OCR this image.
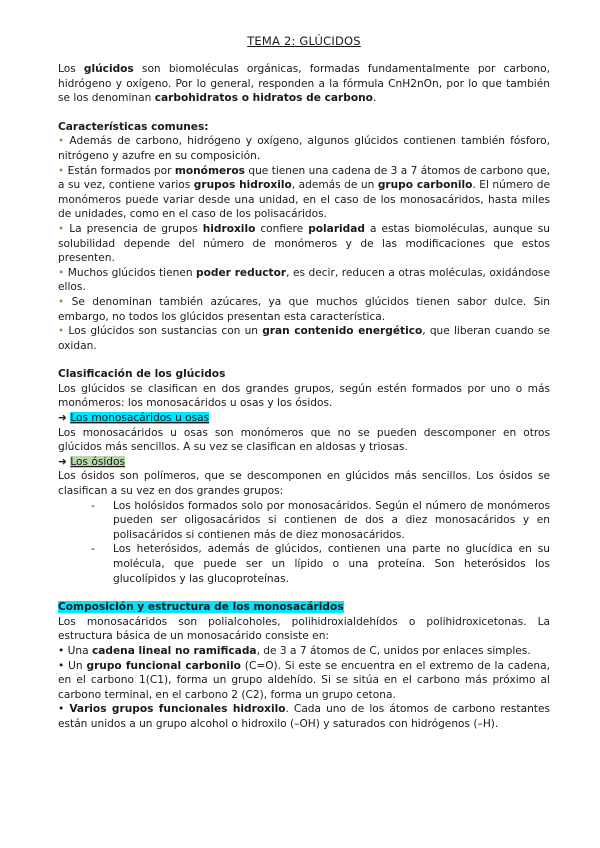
TEMA 2: GLÚCIDOS

Los glúcidos son biomoléculas orgánicas, formadas fundamentalmente por carbono, hidrógeno y oxígeno. Por lo general, responden a la fórmula CnH2nOn, por lo que también se los denominan carbohidratos o hidratos de carbono.

Características comunes:

• Además de carbono, hidrógeno y oxígeno, algunos glúcidos contienen también fósforo, nitrógeno y azufre en su composición.

• Están formados por monómeros que tienen una cadena de 3 a 7 átomos de carbono que, a su vez, contiene varios grupos hidroxilo, además de un grupo carbonilo. El número de monómeros puede variar desde una unidad, en el caso de los monosacáridos, hasta miles de unidades, como en el caso de los polisacáridos.

• La presencia de grupos hidroxilo confiere polaridad a estas biomoléculas, aunque su solubilidad depende del número de monómeros y de las modificaciones que estos presenten.

• Muchos glúcidos tienen poder reductor, es decir, reducen a otras moléculas, oxidándose ellos.

• Se denominan también azúcares, ya que muchos glúcidos tienen sabor dulce. Sin embargo, no todos los glúcidos presentan esta característica.

• Los glúcidos son sustancias con un gran contenido energético, que liberan cuando se oxidan.

Clasificación de los glúcidos

Los glúcidos se clasifican en dos grandes grupos, según estén formados por uno o más monómeros: los monosacáridos u osas y los ósidos.

➜ Los monosacáridos u osas

Los monosacáridos u osas son monómeros que no se pueden descomponer en otros glúcidos más sencillos. A su vez se clasifican en aldosas y triosas.

➜ Los ósidos

Los ósidos son polímeros, que se descomponen en glúcidos más sencillos. Los ósidos se clasifican a su vez en dos grandes grupos:

- Los holósidos formados solo por monosacáridos. Según el número de monómeros pueden ser oligosacáridos si contienen de dos a diez monosacáridos y en polisacáridos si contienen más de diez monosacáridos.
- Los heterósidos, además de glúcidos, contienen una parte no glucídica en su molécula, que puede ser un lípido o una proteína. Son heterósidos los glucolípidos y las glucoproteínas.
Composición y estructura de los monosacáridos

Los monosacáridos son polialcoholes, polihidroxialdehídos o polihidroxicetonas. La estructura básica de un monosacárido consiste en:

• Una cadena lineal no ramificada, de 3 a 7 átomos de C, unidos por enlaces simples.

• Un grupo funcional carbonilo (C=O). Si este se encuentra en el extremo de la cadena, en el carbono 1(C1), forma un grupo aldehído. Si se sitúa en el carbono más próximo al carbono terminal, en el carbono 2 (C2), forma un grupo cetona.

• Varios grupos funcionales hidroxilo. Cada uno de los átomos de carbono restantes están unidos a un grupo alcohol o hidroxilo (–OH) y saturados con hidrógenos (–H).
